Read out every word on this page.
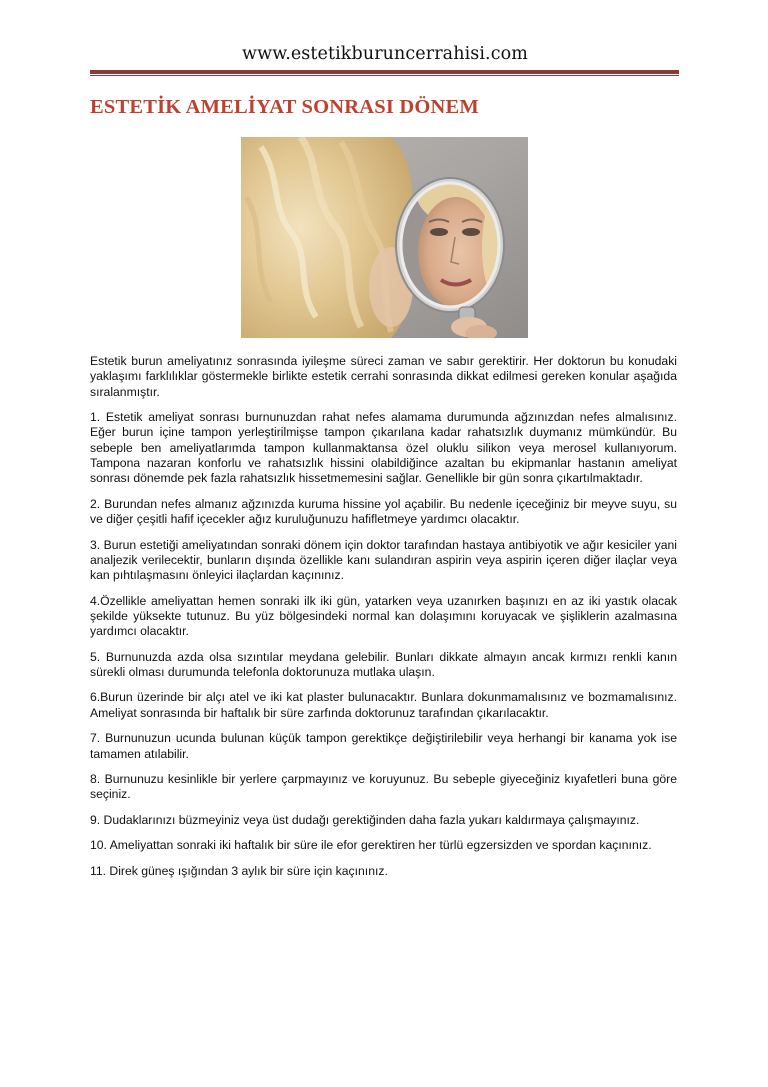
www.estetikburuncerrahisi.com
ESTETİK AMELİYAT SONRASI DÖNEM

Estetik burun ameliyatınız sonrasında iyileşme süreci zaman ve sabır gerektirir. Her doktorun bu konudaki yaklaşımı farklılıklar göstermekle birlikte estetik cerrahi sonrasında dikkat edilmesi gereken konular aşağıda sıralanmıştır.

1. Estetik ameliyat sonrası burnunuzdan rahat nefes alamama durumunda ağzınızdan nefes almalısınız. Eğer burun içine tampon yerleştirilmişse tampon çıkarılana kadar rahatsızlık duymanız mümkündür. Bu sebeple ben ameliyatlarımda tampon kullanmaktansa özel oluklu silikon veya merosel kullanıyorum. Tampona nazaran konforlu ve rahatsızlık hissini olabildiğince azaltan bu ekipmanlar hastanın ameliyat sonrası dönemde pek fazla rahatsızlık hissetmemesini sağlar. Genellikle bir gün sonra çıkartılmaktadır.

2. Burundan nefes almanız ağzınızda kuruma hissine yol açabilir. Bu nedenle içeceğiniz bir meyve suyu, su ve diğer çeşitli hafif içecekler ağız kuruluğunuzu hafifletmeye yardımcı olacaktır.

3. Burun estetiği ameliyatından sonraki dönem için doktor tarafından hastaya antibiyotik ve ağır kesiciler yani analjezik verilecektir, bunların dışında özellikle kanı sulandıran aspirin veya aspirin içeren diğer ilaçlar veya kan pıhtılaşmasını önleyici ilaçlardan kaçınınız.

4.Özellikle ameliyattan hemen sonraki ilk iki gün, yatarken veya uzanırken başınızı en az iki yastık olacak şekilde yüksekte tutunuz. Bu yüz bölgesindeki normal kan dolaşımını koruyacak ve şişliklerin azalmasına yardımcı olacaktır.

5. Burnunuzda azda olsa sızıntılar meydana gelebilir. Bunları dikkate almayın ancak kırmızı renkli kanın sürekli olması durumunda telefonla doktorunuza mutlaka ulaşın.

6.Burun üzerinde bir alçı atel ve iki kat plaster bulunacaktır. Bunlara dokunmamalısınız ve bozmamalısınız. Ameliyat sonrasında bir haftalık bir süre zarfında doktorunuz tarafından çıkarılacaktır.

7. Burnunuzun ucunda bulunan küçük tampon gerektikçe değiştirilebilir veya herhangi bir kanama yok ise tamamen atılabilir.

8. Burnunuzu kesinlikle bir yerlere çarpmayınız ve koruyunuz. Bu sebeple giyeceğiniz kıyafetleri buna göre seçiniz.

9. Dudaklarınızı büzmeyiniz veya üst dudağı gerektiğinden daha fazla yukarı kaldırmaya çalışmayınız.

10. Ameliyattan sonraki iki haftalık bir süre ile efor gerektiren her türlü egzersizden ve spordan kaçınınız.

11. Direk güneş ışığından 3 aylık bir süre için kaçınınız.
